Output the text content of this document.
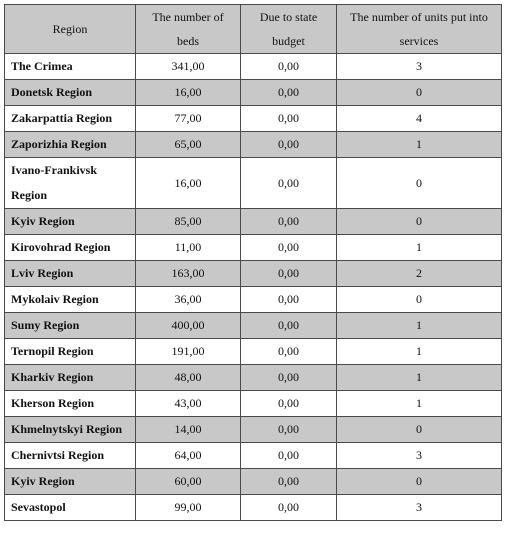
Region	The number of beds	Due to state budget	The number of units put into services
The Crimea	341,00	0,00	3
Donetsk Region	16,00	0,00	0
Zakarpattia Region	77,00	0,00	4
Zaporizhia Region	65,00	0,00	1
Ivano-Frankivsk Region	16,00	0,00	0
Kyiv Region	85,00	0,00	0
Kirovohrad Region	11,00	0,00	1
Lviv Region	163,00	0,00	2
Mykolaiv Region	36,00	0,00	0
Sumy Region	400,00	0,00	1
Ternopil Region	191,00	0,00	1
Kharkiv Region	48,00	0,00	1
Kherson Region	43,00	0,00	1
Khmelnytskyi Region	14,00	0,00	0
Chernivtsi Region	64,00	0,00	3
Kyiv Region	60,00	0,00	0
Sevastopol	99,00	0,00	3
